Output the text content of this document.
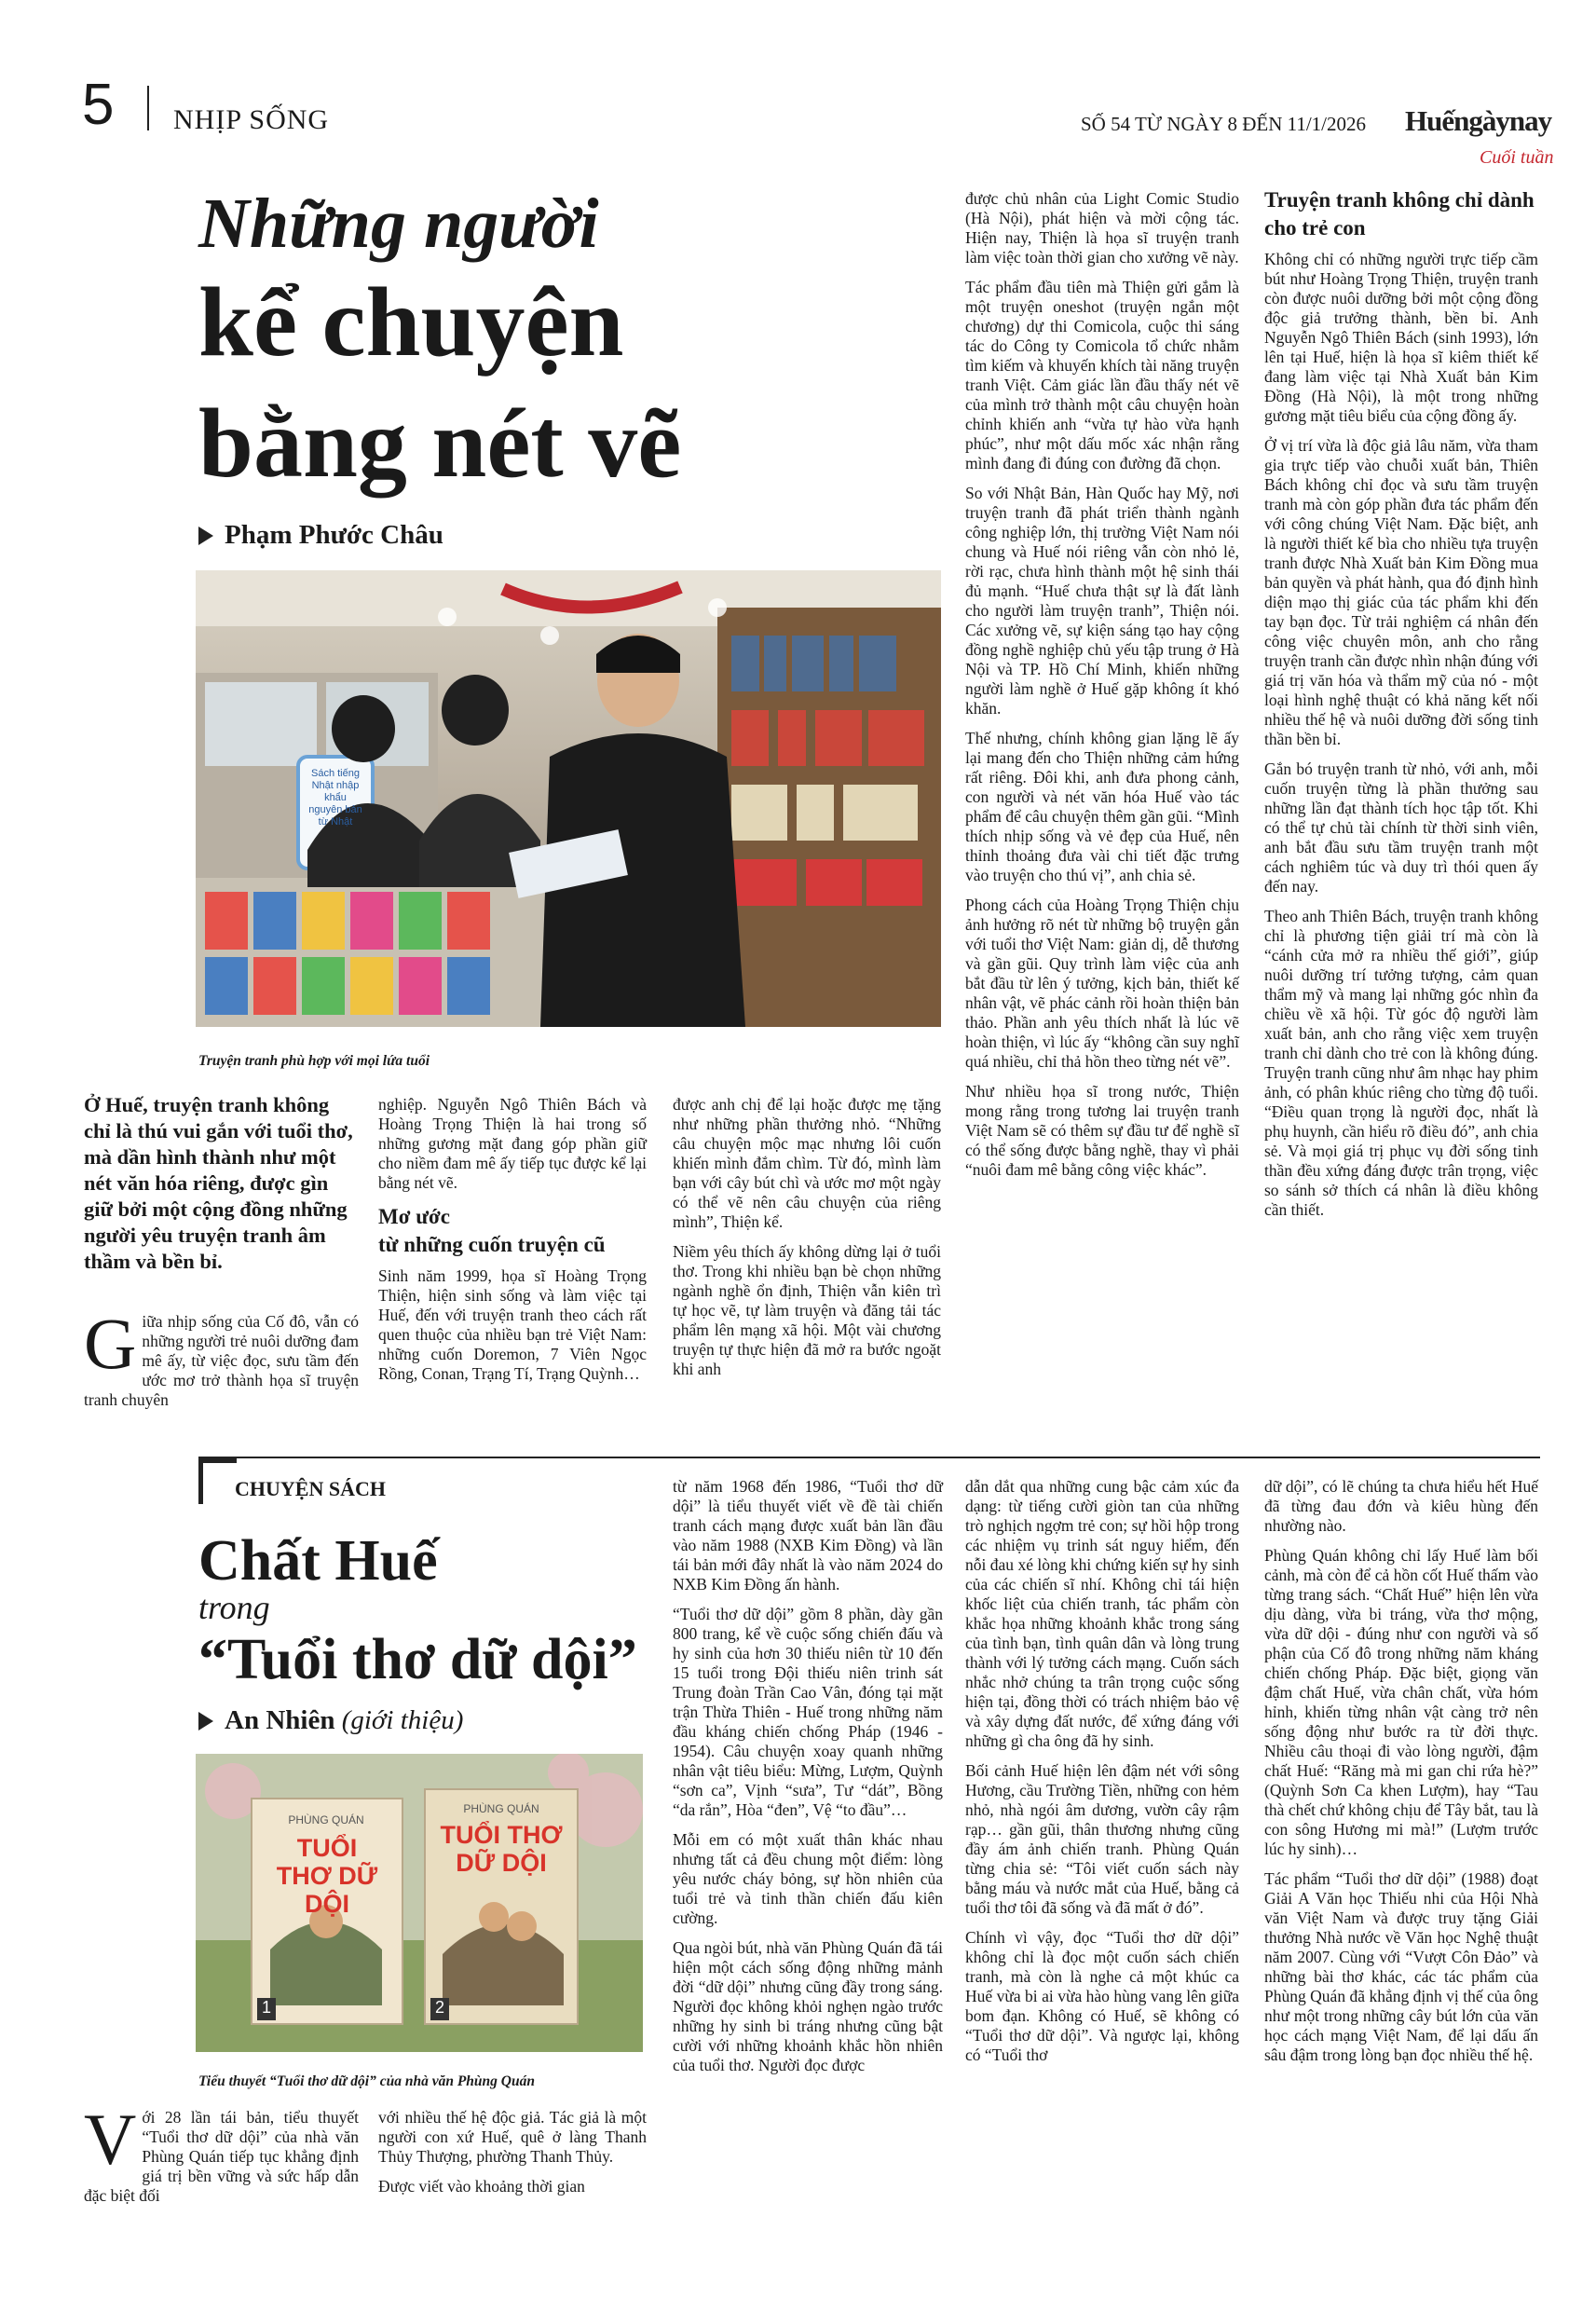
5 NHỊP SỐNG	SỐ 54 TỪ NGÀY 8 ĐẾN 11/1/2026 Huếngàynay
Cuối tuần
Những người
kể chuyện
bằng nét vẽ
Phạm Phước Châu
Sách tiếng Nhật nhập khẩu nguyên bản từ Nhật
Truyện tranh phù hợp với mọi lứa tuổi
Ở Huế, truyện tranh không chỉ là thú vui gắn với tuổi thơ, mà dần hình thành như một nét văn hóa riêng, được gìn giữ bởi một cộng đồng những người yêu truyện tranh âm thầm và bền bỉ.

Giữa nhịp sống của Cố đô, vẫn có những người trẻ nuôi dưỡng đam mê ấy, từ việc đọc, sưu tầm đến ước mơ trở thành họa sĩ truyện tranh chuyên

nghiệp. Nguyễn Ngô Thiên Bách và Hoàng Trọng Thiện là hai trong số những gương mặt đang góp phần giữ cho niềm đam mê ấy tiếp tục được kể lại bằng nét vẽ.

Mơ ước
từ những cuốn truyện cũ

Sinh năm 1999, họa sĩ Hoàng Trọng Thiện, hiện sinh sống và làm việc tại Huế, đến với truyện tranh theo cách rất quen thuộc của nhiều bạn trẻ Việt Nam: những cuốn Doremon, 7 Viên Ngọc Rồng, Conan, Trạng Tí, Trạng Quỳnh…

được anh chị để lại hoặc được mẹ tặng như những phần thưởng nhỏ. “Những câu chuyện mộc mạc nhưng lôi cuốn khiến mình đắm chìm. Từ đó, mình làm bạn với cây bút chì và ước mơ một ngày có thể vẽ nên câu chuyện của riêng mình”, Thiện kể.

Niềm yêu thích ấy không dừng lại ở tuổi thơ. Trong khi nhiều bạn bè chọn những ngành nghề ổn định, Thiện vẫn kiên trì tự học vẽ, tự làm truyện và đăng tải tác phẩm lên mạng xã hội. Một vài chương truyện tự thực hiện đã mở ra bước ngoặt khi anh

được chủ nhân của Light Comic Studio (Hà Nội), phát hiện và mời cộng tác. Hiện nay, Thiện là họa sĩ truyện tranh làm việc toàn thời gian cho xưởng vẽ này.

Tác phẩm đầu tiên mà Thiện gửi gắm là một truyện oneshot (truyện ngắn một chương) dự thi Comicola, cuộc thi sáng tác do Công ty Comicola tổ chức nhằm tìm kiếm và khuyến khích tài năng truyện tranh Việt. Cảm giác lần đầu thấy nét vẽ của mình trở thành một câu chuyện hoàn chỉnh khiến anh “vừa tự hào vừa hạnh phúc”, như một dấu mốc xác nhận rằng mình đang đi đúng con đường đã chọn.

So với Nhật Bản, Hàn Quốc hay Mỹ, nơi truyện tranh đã phát triển thành ngành công nghiệp lớn, thị trường Việt Nam nói chung và Huế nói riêng vẫn còn nhỏ lẻ, rời rạc, chưa hình thành một hệ sinh thái đủ mạnh. “Huế chưa thật sự là đất lành cho người làm truyện tranh”, Thiện nói. Các xưởng vẽ, sự kiện sáng tạo hay cộng đồng nghề nghiệp chủ yếu tập trung ở Hà Nội và TP. Hồ Chí Minh, khiến những người làm nghề ở Huế gặp không ít khó khăn.

Thế nhưng, chính không gian lặng lẽ ấy lại mang đến cho Thiện những cảm hứng rất riêng. Đôi khi, anh đưa phong cảnh, con người và nét văn hóa Huế vào tác phẩm để câu chuyện thêm gần gũi. “Mình thích nhịp sống và vẻ đẹp của Huế, nên thỉnh thoảng đưa vài chi tiết đặc trưng vào truyện cho thú vị”, anh chia sẻ.

Phong cách của Hoàng Trọng Thiện chịu ảnh hưởng rõ nét từ những bộ truyện gắn với tuổi thơ Việt Nam: giản dị, dễ thương và gần gũi. Quy trình làm việc của anh bắt đầu từ lên ý tưởng, kịch bản, thiết kế nhân vật, vẽ phác cảnh rồi hoàn thiện bản thảo. Phần anh yêu thích nhất là lúc vẽ hoàn thiện, vì lúc ấy “không cần suy nghĩ quá nhiều, chỉ thả hồn theo từng nét vẽ”.

Như nhiều họa sĩ trong nước, Thiện mong rằng trong tương lai truyện tranh Việt Nam sẽ có thêm sự đầu tư để nghề sĩ có thể sống được bằng nghề, thay vì phải “nuôi đam mê bằng công việc khác”.

Truyện tranh không chỉ dành cho trẻ con

Không chỉ có những người trực tiếp cầm bút như Hoàng Trọng Thiện, truyện tranh còn được nuôi dưỡng bởi một cộng đồng độc giả trưởng thành, bền bỉ. Anh Nguyễn Ngô Thiên Bách (sinh 1993), lớn lên tại Huế, hiện là họa sĩ kiêm thiết kế đang làm việc tại Nhà Xuất bản Kim Đồng (Hà Nội), là một trong những gương mặt tiêu biểu của cộng đồng ấy.

Ở vị trí vừa là độc giả lâu năm, vừa tham gia trực tiếp vào chuỗi xuất bản, Thiên Bách không chỉ đọc và sưu tầm truyện tranh mà còn góp phần đưa tác phẩm đến với công chúng Việt Nam. Đặc biệt, anh là người thiết kế bìa cho nhiều tựa truyện tranh được Nhà Xuất bản Kim Đồng mua bản quyền và phát hành, qua đó định hình diện mạo thị giác của tác phẩm khi đến tay bạn đọc. Từ trải nghiệm cá nhân đến công việc chuyên môn, anh cho rằng truyện tranh cần được nhìn nhận đúng với giá trị văn hóa và thẩm mỹ của nó - một loại hình nghệ thuật có khả năng kết nối nhiều thế hệ và nuôi dưỡng đời sống tinh thần bền bỉ.

Gắn bó truyện tranh từ nhỏ, với anh, mỗi cuốn truyện từng là phần thưởng sau những lần đạt thành tích học tập tốt. Khi có thể tự chủ tài chính từ thời sinh viên, anh bắt đầu sưu tầm truyện tranh một cách nghiêm túc và duy trì thói quen ấy đến nay.

Theo anh Thiên Bách, truyện tranh không chỉ là phương tiện giải trí mà còn là “cánh cửa mở ra nhiều thế giới”, giúp nuôi dưỡng trí tưởng tượng, cảm quan thẩm mỹ và mang lại những góc nhìn đa chiều về xã hội. Từ góc độ người làm xuất bản, anh cho rằng việc xem truyện tranh chỉ dành cho trẻ con là không đúng. Truyện tranh cũng như âm nhạc hay phim ảnh, có phân khúc riêng cho từng độ tuổi. “Điều quan trọng là người đọc, nhất là phụ huynh, cần hiểu rõ điều đó”, anh chia sẻ. Và mọi giá trị phục vụ đời sống tinh thần đều xứng đáng được trân trọng, việc so sánh sở thích cá nhân là điều không cần thiết.

CHUYỆN SÁCH
Chất Huế
trong
“Tuổi thơ dữ dội”
An Nhiên (giới thiệu)
PHÙNG QUÁN
TUỔI THƠ DỮ DỘI
1
PHÙNG QUÁN
TUỔI THƠ DỮ DỘI
2
Tiểu thuyết “Tuổi thơ dữ dội” của nhà văn Phùng Quán

Với 28 lần tái bản, tiểu thuyết “Tuổi thơ dữ dội” của nhà văn Phùng Quán tiếp tục khẳng định giá trị bền vững và sức hấp dẫn đặc biệt đối

với nhiều thế hệ độc giả. Tác giả là một người con xứ Huế, quê ở làng Thanh Thủy Thượng, phường Thanh Thủy.

Được viết vào khoảng thời gian

từ năm 1968 đến 1986, “Tuổi thơ dữ dội” là tiểu thuyết viết về đề tài chiến tranh cách mạng được xuất bản lần đầu vào năm 1988 (NXB Kim Đồng) và lần tái bản mới đây nhất là vào năm 2024 do NXB Kim Đồng ấn hành.

“Tuổi thơ dữ dội” gồm 8 phần, dày gần 800 trang, kể về cuộc sống chiến đấu và hy sinh của hơn 30 thiếu niên từ 10 đến 15 tuổi trong Đội thiếu niên trinh sát Trung đoàn Trần Cao Vân, đóng tại mặt trận Thừa Thiên - Huế trong những năm đầu kháng chiến chống Pháp (1946 - 1954). Câu chuyện xoay quanh những nhân vật tiêu biểu: Mừng, Lượm, Quỳnh “sơn ca”, Vịnh “sưa”, Tư “dát”, Bồng “da rắn”, Hòa “đen”, Vệ “to đầu”…

Mỗi em có một xuất thân khác nhau nhưng tất cả đều chung một điểm: lòng yêu nước cháy bỏng, sự hồn nhiên của tuổi trẻ và tinh thần chiến đấu kiên cường.

Qua ngòi bút, nhà văn Phùng Quán đã tái hiện một cách sống động những mảnh đời “dữ dội” nhưng cũng đầy trong sáng. Người đọc không khỏi nghẹn ngào trước những hy sinh bi tráng nhưng cũng bật cười với những khoảnh khắc hồn nhiên của tuổi thơ. Người đọc được

dẫn dắt qua những cung bậc cảm xúc đa dạng: từ tiếng cười giòn tan của những trò nghịch ngợm trẻ con; sự hồi hộp trong các nhiệm vụ trinh sát nguy hiểm, đến nỗi đau xé lòng khi chứng kiến sự hy sinh của các chiến sĩ nhí. Không chỉ tái hiện khốc liệt của chiến tranh, tác phẩm còn khắc họa những khoảnh khắc trong sáng của tình bạn, tình quân dân và lòng trung thành với lý tưởng cách mạng. Cuốn sách nhắc nhở chúng ta trân trọng cuộc sống hiện tại, đồng thời có trách nhiệm bảo vệ và xây dựng đất nước, để xứng đáng với những gì cha ông đã hy sinh.

Bối cảnh Huế hiện lên đậm nét với sông Hương, cầu Trường Tiền, những con hẻm nhỏ, nhà ngói âm dương, vườn cây rậm rạp… gần gũi, thân thương nhưng cũng đầy ám ảnh chiến tranh. Phùng Quán từng chia sẻ: “Tôi viết cuốn sách này bằng máu và nước mắt của Huế, bằng cả tuổi thơ tôi đã sống và đã mất ở đó”.

Chính vì vậy, đọc “Tuổi thơ dữ dội” không chỉ là đọc một cuốn sách chiến tranh, mà còn là nghe cả một khúc ca Huế vừa bi ai vừa hào hùng vang lên giữa bom đạn. Không có Huế, sẽ không có “Tuổi thơ dữ dội”. Và ngược lại, không có “Tuổi thơ

dữ dội”, có lẽ chúng ta chưa hiểu hết Huế đã từng đau đớn và kiêu hùng đến nhường nào.

Phùng Quán không chỉ lấy Huế làm bối cảnh, mà còn để cả hồn cốt Huế thấm vào từng trang sách. “Chất Huế” hiện lên vừa dịu dàng, vừa bi tráng, vừa thơ mộng, vừa dữ dội - đúng như con người và số phận của Cố đô trong những năm kháng chiến chống Pháp. Đặc biệt, giọng văn đậm chất Huế, vừa chân chất, vừa hóm hỉnh, khiến từng nhân vật càng trở nên sống động như bước ra từ đời thực. Nhiều câu thoại đi vào lòng người, đậm chất Huế: “Răng mà mi gan chi rứa hè?” (Quỳnh Sơn Ca khen Lượm), hay “Tau thà chết chứ không chịu để Tây bắt, tau là con sông Hương mi mà!” (Lượm trước lúc hy sinh)…

Tác phẩm “Tuổi thơ dữ dội” (1988) đoạt Giải A Văn học Thiếu nhi của Hội Nhà văn Việt Nam và được truy tặng Giải thưởng Nhà nước về Văn học Nghệ thuật năm 2007. Cùng với “Vượt Côn Đảo” và những bài thơ khác, các tác phẩm của Phùng Quán đã khẳng định vị thế của ông như một trong những cây bút lớn của văn học cách mạng Việt Nam, để lại dấu ấn sâu đậm trong lòng bạn đọc nhiều thế hệ.
